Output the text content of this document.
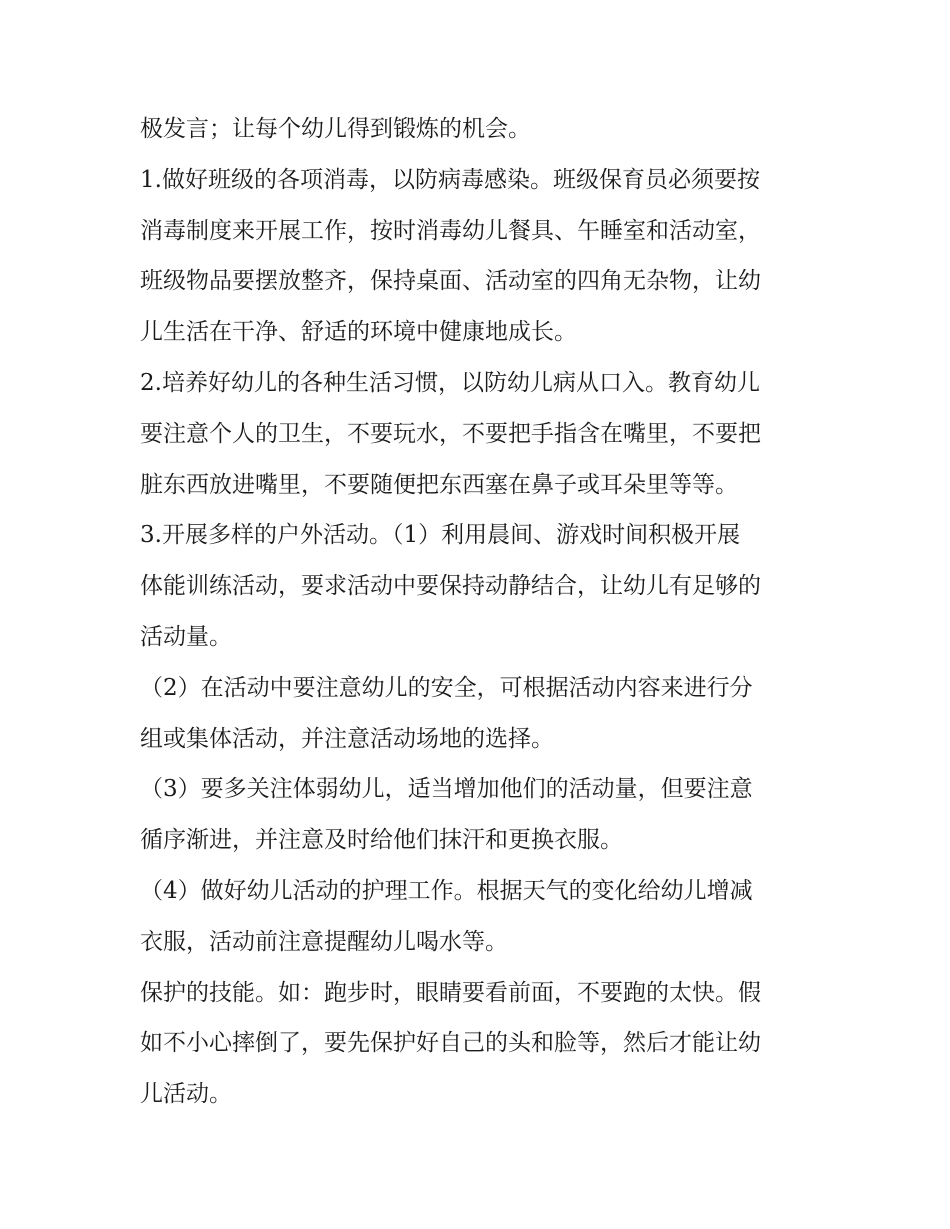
极发言；让每个幼儿得到锻炼的机会。
1.做好班级的各项消毒，以防病毒感染。班级保育员必须要按
消毒制度来开展工作，按时消毒幼儿餐具、午睡室和活动室，
班级物品要摆放整齐，保持桌面、活动室的四角无杂物，让幼
儿生活在干净、舒适的环境中健康地成长。
2.培养好幼儿的各种生活习惯，以防幼儿病从口入。教育幼儿
要注意个人的卫生，不要玩水，不要把手指含在嘴里，不要把
脏东西放进嘴里，不要随便把东西塞在鼻子或耳朵里等等。
3.开展多样的户外活动。（1）利用晨间、游戏时间积极开展
体能训练活动，要求活动中要保持动静结合，让幼儿有足够的
活动量。
（2）在活动中要注意幼儿的安全，可根据活动内容来进行分
组或集体活动，并注意活动场地的选择。
（3）要多关注体弱幼儿，适当增加他们的活动量，但要注意
循序渐进，并注意及时给他们抹汗和更换衣服。
（4）做好幼儿活动的护理工作。根据天气的变化给幼儿增减
衣服，活动前注意提醒幼儿喝水等。
保护的技能。如：跑步时，眼睛要看前面，不要跑的太快。假
如不小心摔倒了，要先保护好自己的头和脸等，然后才能让幼
儿活动。
